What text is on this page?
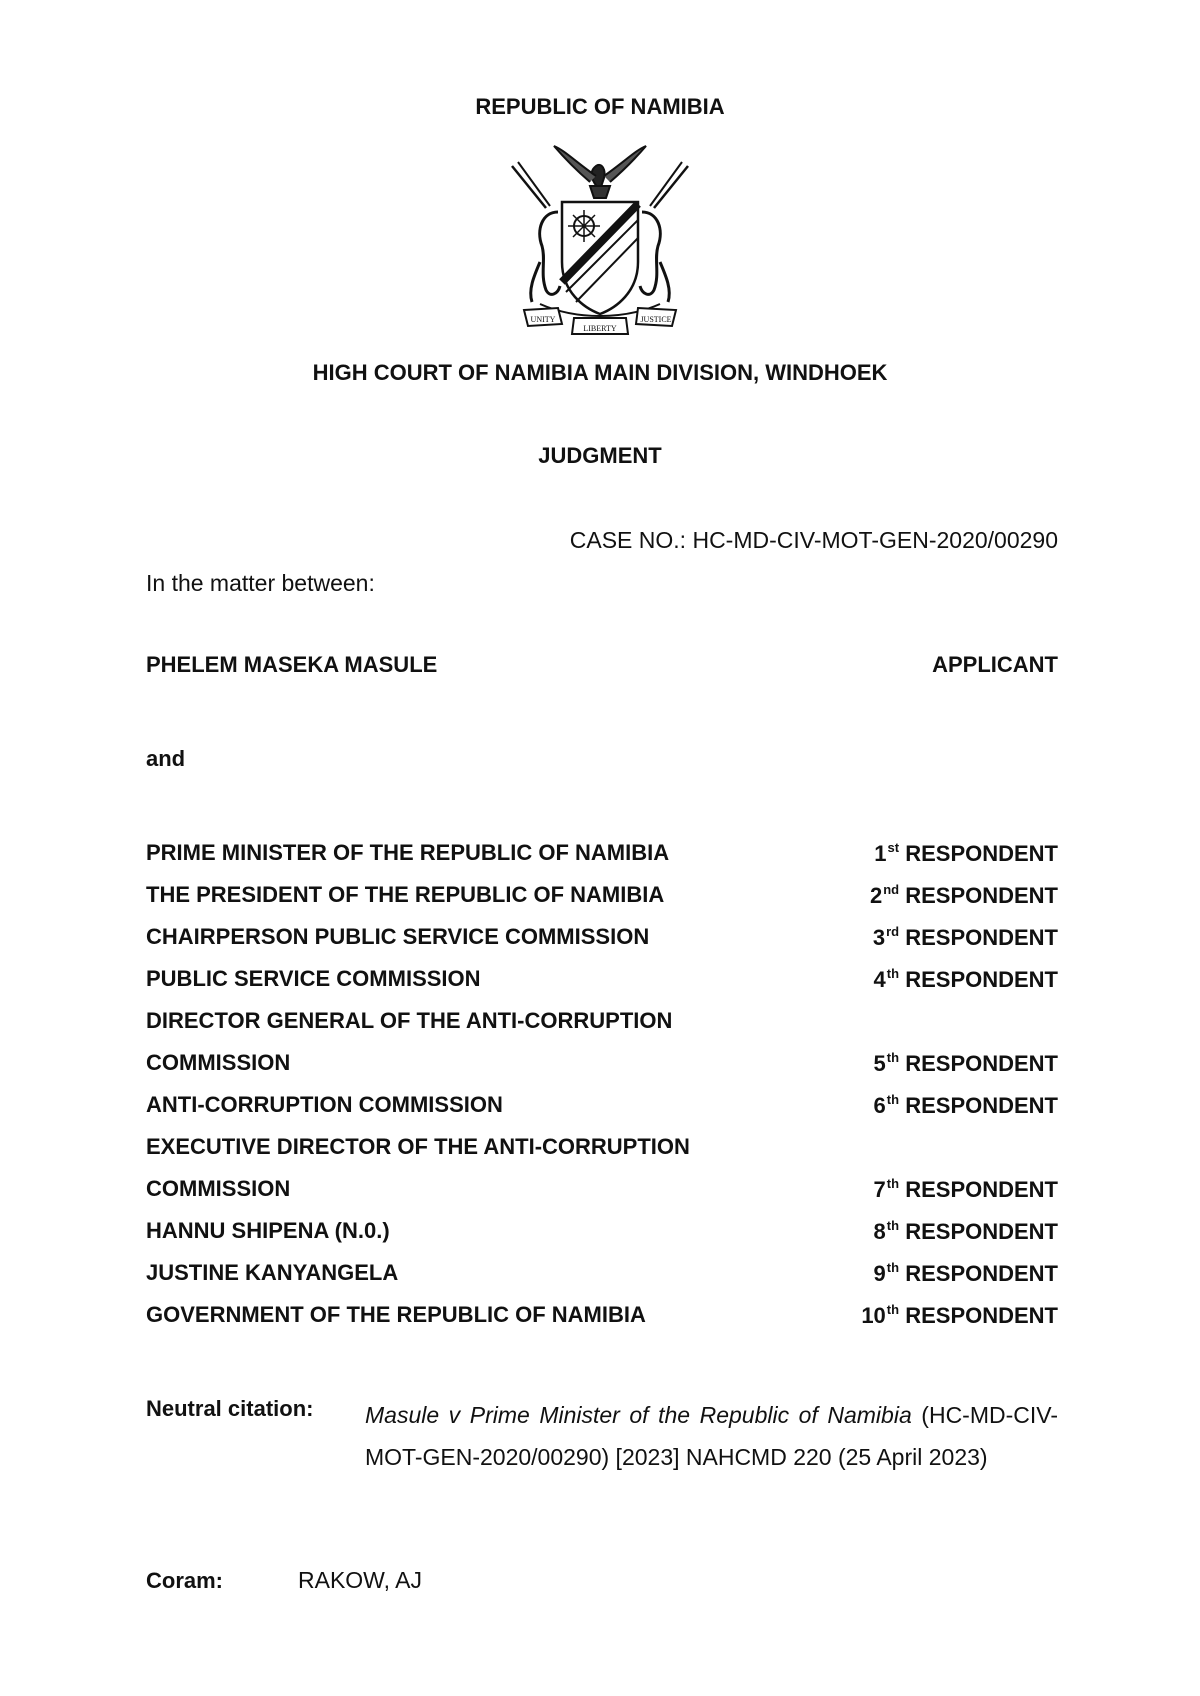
REPUBLIC OF NAMIBIA
UNITY
LIBERTY
JUSTICE
HIGH COURT OF NAMIBIA MAIN DIVISION, WINDHOEK
JUDGMENT
CASE NO.: HC-MD-CIV-MOT-GEN-2020/00290
In the matter between:
PHELEM MASEKA MASULE	APPLICANT
and
PRIME MINISTER OF THE REPUBLIC OF NAMIBIA	1st RESPONDENT
THE PRESIDENT OF THE REPUBLIC OF NAMIBIA	2nd RESPONDENT
CHAIRPERSON PUBLIC SERVICE COMMISSION	3rd RESPONDENT
PUBLIC SERVICE COMMISSION	4th RESPONDENT
DIRECTOR GENERAL OF THE ANTI-CORRUPTION
COMMISSION	5th RESPONDENT
ANTI-CORRUPTION COMMISSION	6th RESPONDENT
EXECUTIVE DIRECTOR OF THE ANTI-CORRUPTION
COMMISSION	7th RESPONDENT
HANNU SHIPENA (N.0.)	8th RESPONDENT
JUSTINE KANYANGELA	9th RESPONDENT
GOVERNMENT OF THE REPUBLIC OF NAMIBIA	10th RESPONDENT
Neutral citation: Masule v Prime Minister of the Republic of Namibia (HC-MD-CIV-MOT-GEN-2020/00290) [2023] NAHCMD 220 (25 April 2023)
Coram:	RAKOW, AJ
